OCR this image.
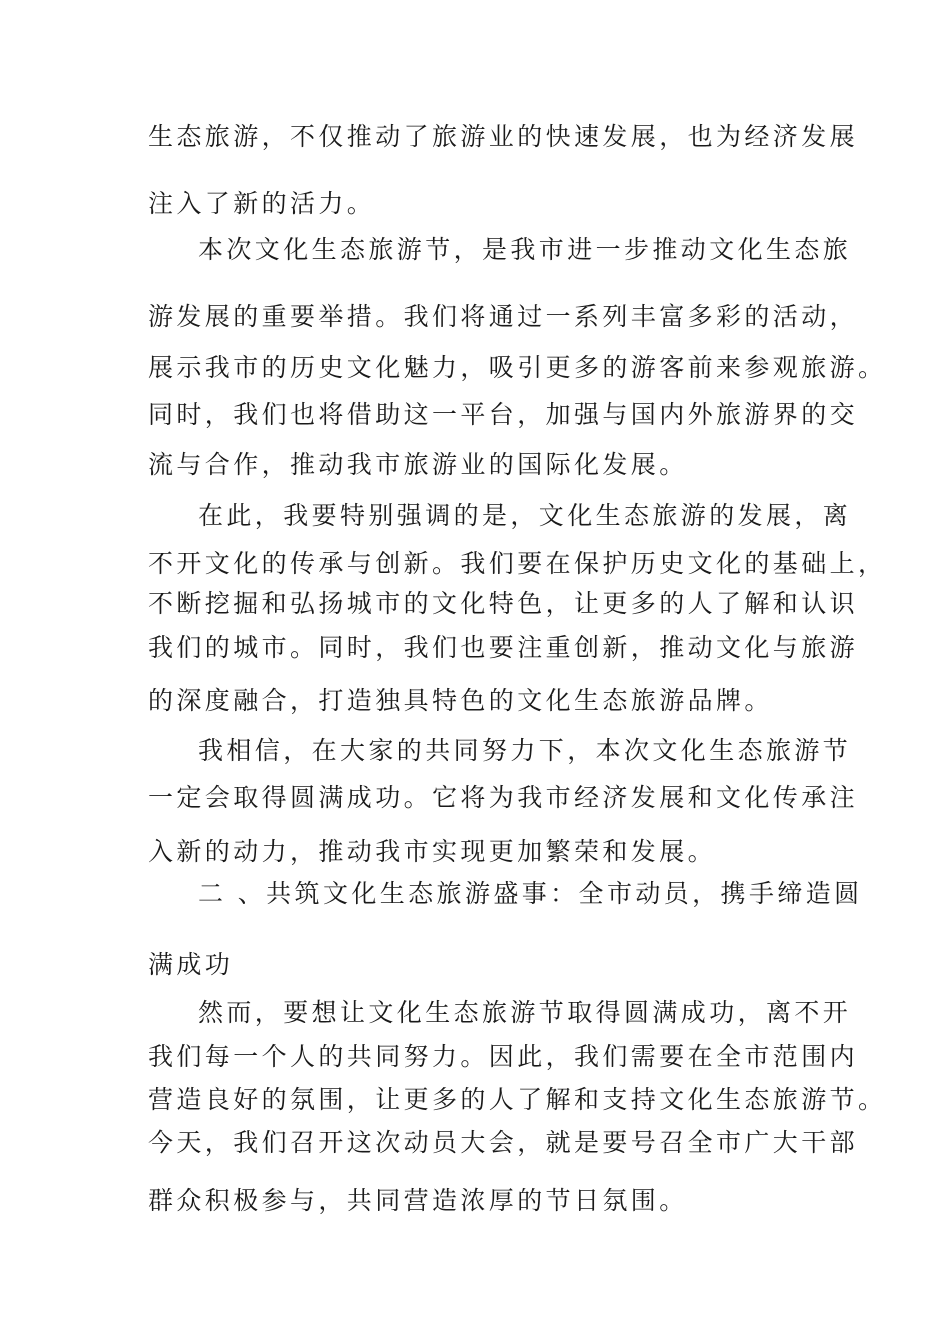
生态旅游，不仅推动了旅游业的快速发展，也为经济发展
注入了新的活力。
本次文化生态旅游节，是我市进一步推动文化生态旅
游发展的重要举措。我们将通过一系列丰富多彩的活动，
展示我市的历史文化魅力，吸引更多的游客前来参观旅游。
同时，我们也将借助这一平台，加强与国内外旅游界的交
流与合作，推动我市旅游业的国际化发展。
在此，我要特别强调的是，文化生态旅游的发展，离
不开文化的传承与创新。我们要在保护历史文化的基础上，
不断挖掘和弘扬城市的文化特色，让更多的人了解和认识
我们的城市。同时，我们也要注重创新，推动文化与旅游
的深度融合，打造独具特色的文化生态旅游品牌。
我相信，在大家的共同努力下，本次文化生态旅游节
一定会取得圆满成功。它将为我市经济发展和文化传承注
入新的动力，推动我市实现更加繁荣和发展。
二 、共筑文化生态旅游盛事：全市动员，携手缔造圆
满成功
然而，要想让文化生态旅游节取得圆满成功，离不开
我们每一个人的共同努力。因此，我们需要在全市范围内
营造良好的氛围，让更多的人了解和支持文化生态旅游节。
今天，我们召开这次动员大会，就是要号召全市广大干部
群众积极参与，共同营造浓厚的节日氛围。
